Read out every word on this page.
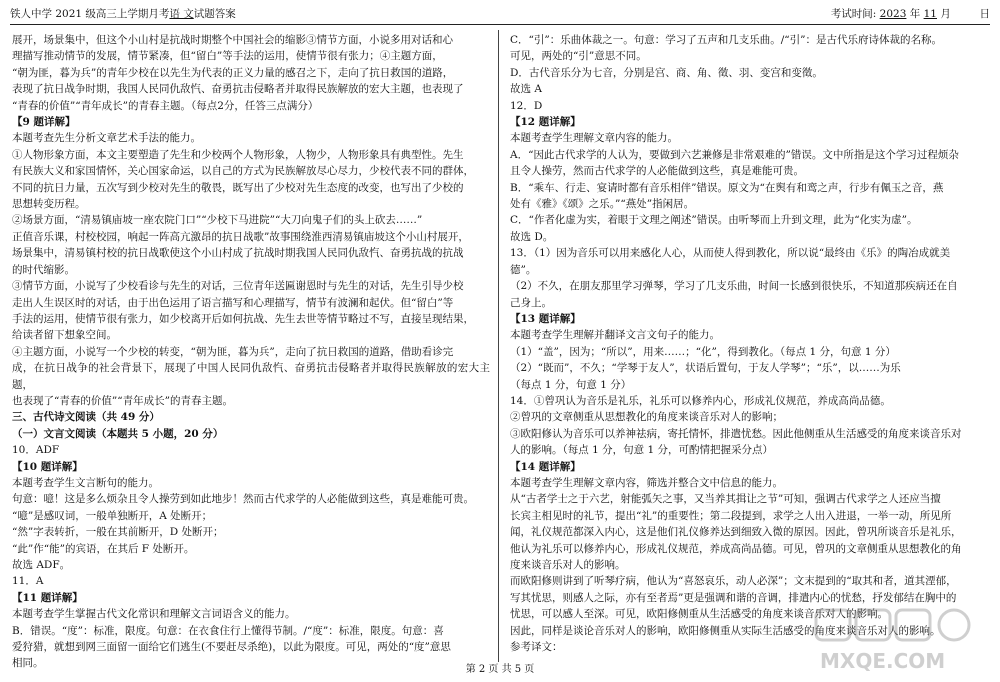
铁人中学 2021 级高三上学期月考语 文试题答案	考试时间: 2023 年 11 月	日

展开，场景集中，但这个小山村是抗战时期整个中国社会的缩影③情节方面，小说多用对话和心

理描写推动情节的发展，情节紧凑，但“留白”等手法的运用，使情节很有张力；④主题方面，

“朝为匪，暮为兵”的青年少校在以先生为代表的正义力量的感召之下，走向了抗日救国的道路，

表现了抗日战争时期，我国人民同仇敌忾、奋勇抗击侵略者并取得民族解放的宏大主题，也表现了

“青春的价值”“青年成长”的青春主题。（每点2分，任答三点满分）

【9 题详解】

本题考查先生分析文章艺术手法的能力。

①人物形象方面，本文主要塑造了先生和少校两个人物形象，人物少，人物形象具有典型性。先生

有民族大义和家国情怀，关心国家命运，以自己的方式为民族解放尽心尽力，少校代表不同的群体，

不同的抗日力量，五次写到少校对先生的敬畏，既写出了少校对先生态度的改变，也写出了少校的

思想转变历程。

②场景方面，“清易镇庙坡一座农院门口”“少校下马进院”“大刀向鬼子们的头上砍去……”

正值音乐课，村校校园，响起一阵高亢激昂的抗日战歌”故事围绕淮西清易镇庙坡这个小山村展开，

场景集中，清易镇村校的抗日战歌使这个小山村成了抗战时期我国人民同仇敌忾、奋勇抗战的抗战

的时代缩影。

③情节方面，小说写了少校看诊与先生的对话，三位青年送匾谢恩时与先生的对话，先生引导少校

走出人生误区时的对话，由于出色运用了语言描写和心理描写，情节有波澜和起伏。但“留白”等

手法的运用，使情节很有张力，如少校离开后如何抗战、先生去世等情节略过不写，直接呈现结果，

给读者留下想象空间。

④主题方面，小说写一个少校的转变，“朝为匪，暮为兵”，走向了抗日救国的道路，借助看诊完

成，在抗日战争的社会背景下，展现了中国人民同仇敌忾、奋勇抗击侵略者并取得民族解放的宏大主题，

也表现了“青春的价值”“青年成长”的青春主题。

三、古代诗文阅读（共 49 分）

（一）文言文阅读（本题共 5 小题，20 分）

10．ADF

【10 题详解】

本题考查学生文言断句的能力。

句意：噫！这是多么烦杂且令人操劳到如此地步！然而古代求学的人必能做到这些，真是难能可贵。

“噫”是感叹词，一般单独断开，A 处断开；

“然”字表转折，一般在其前断开，D 处断开；

“此”作“能”的宾语，在其后 F 处断开。

故选 ADF。

11．A

【11 题详解】

本题考查学生掌握古代文化常识和理解文言词语含义的能力。

B．错误。“度”：标准，限度。句意：在衣食住行上懂得节制。/“度”：标准，限度。句意：喜

爱狩猎，就想到网三面留一面给它们逃生(不要赶尽杀绝)，以此为限度。可见，两处的“度”意思

相同。

C．“引”：乐曲体裁之一。句意：学习了五声和几支乐曲。/“引”：是古代乐府诗体裁的名称。

可见，两处的“引”意思不同。

D．古代音乐分为七音，分别是宫、商、角、徵、羽、变宫和变徵。

故选 A

12．D

【12 题详解】

本题考查学生理解文章内容的能力。

A．“因此古代求学的人认为，要做到六艺兼修是非常艰难的”错误。文中所指是这个学习过程烦杂

且令人操劳，然而古代求学的人必能做到这些，真是难能可贵。

B．“乘车、行走、宴请时都有音乐相伴”错误。原文为“在舆有和鸾之声，行步有佩玉之音，燕

处有《雅》《颂》之乐。”“燕处”指闲居。

C．“作者化虚为实，着眼于文理之阐述”错误。由听琴而上升到文理，此为“化实为虚”。

故选 D。

13．（1）因为音乐可以用来感化人心，从而使人得到教化，所以说“最终由《乐》的陶冶成就美

德”。

（2）不久，在朋友那里学习弹琴，学习了几支乐曲，时间一长感到很快乐，不知道那疾病还在自

己身上。

【13 题详解】

本题考查学生理解并翻译文言文句子的能力。

（1）“盖”，因为；“所以”，用来……；“化”，得到教化。（每点 1 分，句意 1 分）

（2）“既而”，不久；“学琴于友人”，状语后置句，于友人学琴”；“乐”，以……为乐

（每点 1 分，句意 1 分）

14．①曾巩认为音乐是礼乐，礼乐可以修养内心，形成礼仪规范，养成高尚品德。

②曾巩的文章侧重从思想教化的角度来谈音乐对人的影响；

③欧阳修认为音乐可以养神祛病，寄托情怀，排遣忧愁。因此他侧重从生活感受的角度来谈音乐对

人的影响。（每点 1 分，句意 1 分，可酌情把握采分点）

【14 题详解】

本题考查学生理解文章内容，筛选并整合文中信息的能力。

从“古者学士之于六艺，射能弧矢之事，又当养其揖让之节”可知，强调古代求学之人还应当擅

长宾主相见时的礼节，提出“礼”的重要性；第二段提到，求学之人出入进退，一举一动，所见所

闻，礼仪规范都深入内心，这是他们礼仪修养达到细致入微的原因。因此，曾巩所谈音乐是礼乐，

他认为礼乐可以修养内心，形成礼仪规范，养成高尚品德。可见，曾巩的文章侧重从思想教化的角

度来谈音乐对人的影响。

而欧阳修则讲到了听琴疗病，他认为“喜怒哀乐，动人必深”；文末提到的“取其和者，道其湮郁，

写其忧思，则感人之际，亦有至者焉”更是强调和谐的音调，排遣内心的忧愁，抒发郁结在胸中的

忧思，可以感人至深。可见，欧阳修侧重从生活感受的角度来谈音乐对人的影响。

因此，同样是谈论音乐对人的影响，欧阳修侧重从实际生活感受的角度来谈音乐对人的影响。

参考译文：

第 2 页 共 5 页	MXQE.COM
